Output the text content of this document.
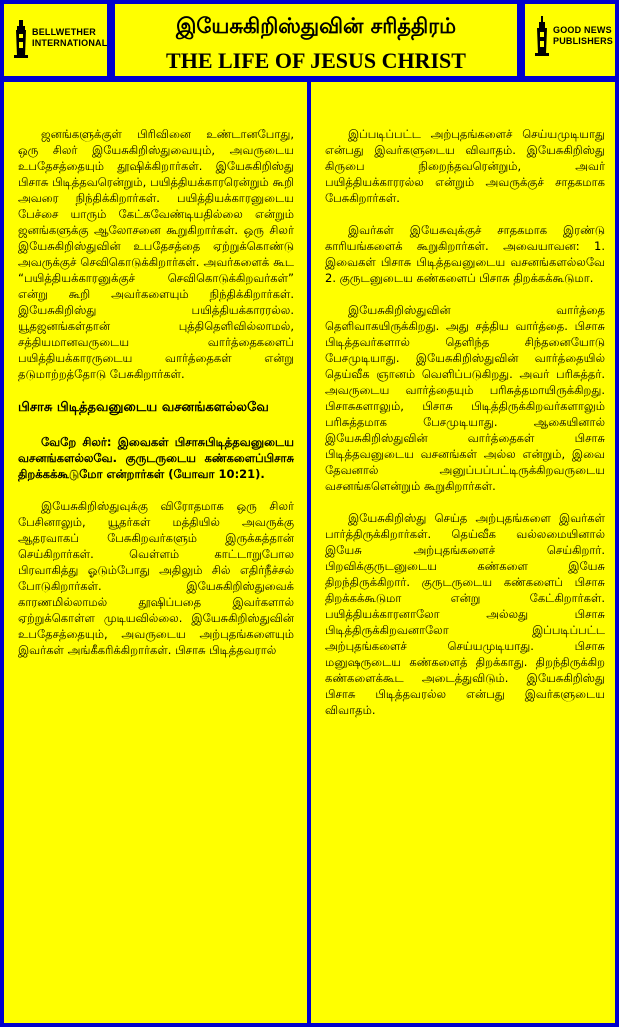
BELLWETHER
INTERNATIONAL
இயேசுகிறிஸ்துவின் சரித்திரம்
THE LIFE OF JESUS CHRIST
GOOD NEWS
PUBLISHERS

ஜனங்களுக்குள் பிரிவினை உண்டானபோது, ஒரு சிலர் இயேசுகிறிஸ்துவையும், அவருடைய உபதேசத்தையும் தூஷிக்கிறார்கள். இயேசுகிறிஸ்து பிசாசு பிடித்தவரென்றும், பயித்தியக்காரரென்றும் கூறி அவரை நிந்திக்கிறார்கள். பயித்தியக்காரனுடைய பேச்சை யாரும் கேட்கவேண்டியதில்லை என்றும் ஜனங்களுக்கு ஆலோசனை கூறுகிறார்கள். ஒரு சிலர் இயேசுகிறிஸ்துவின் உபதேசத்தை ஏற்றுக்கொண்டு அவருக்குச் செவிகொடுக்கிறார்கள். அவர்களைக் கூட “பயித்தியக்காரனுக்குச் செவிகொடுக்கிறவர்கள்” என்று கூறி அவர்களையும் நிந்திக்கிறார்கள். இயேசுகிறிஸ்து பயித்தியக்காரரல்ல. யூதஜனங்கள்தான் புத்திதெளிவில்லாமல், சத்தியமானவருடைய வார்த்தைகளைப் பயித்தியக்காரருடைய வார்த்தைகள் என்று தடுமாற்றத்தோடு பேசுகிறார்கள்.

பிசாசு பிடித்தவனுடைய வசனங்களல்லவே

வேறே சிலர்: இவைகள் பிசாசுபிடித்தவனுடைய வசனங்களல்லவே. குருடருடைய கண்களைப்பிசாசு திறக்கக்கூடுமோ என்றார்கள் (யோவா 10:21).

இயேசுகிறிஸ்துவுக்கு விரோதமாக ஒரு சிலர் பேசினாலும், யூதர்கள் மத்தியில் அவருக்கு ஆதரவாகப் பேசுகிறவர்களும் இருக்கத்தான் செய்கிறார்கள். வெள்ளம் காட்டாறுபோல பிரவாகித்து ஓடும்போது அதிலும் சில் எதிர்நீச்சல் போடுகிறார்கள். இயேசுகிறிஸ்துவைக் காரணமில்லாமல் தூஷிப்பதை இவர்களால் ஏற்றுக்கொள்ள முடியவில்லை. இயேசுகிறிஸ்துவின் உபதேசத்தையும், அவருடைய அற்புதங்களையும் இவர்கள் அங்கீகரிக்கிறார்கள். பிசாசு பிடித்தவரால்

இப்படிப்பட்ட அற்புதங்களைச் செய்யமுடியாது என்பது இவர்களுடைய விவாதம். இயேசுகிறிஸ்து கிருபை நிறைந்தவரென்றும், அவர் பயித்தியக்காரரல்ல என்றும் அவருக்குச் சாதகமாக பேசுகிறார்கள்.

இவர்கள் இயேசுவுக்குச் சாதகமாக இரண்டு காரியங்களைக் கூறுகிறார்கள். அவையாவன: 1. இவைகள் பிசாசு பிடித்தவனுடைய வசனங்களல்லவே 2. குருடனுடைய கண்களைப் பிசாசு திறக்கக்கூடுமா.

இயேசுகிறிஸ்துவின் வார்த்தை தெளிவாகயிருக்கிறது. அது சத்திய வார்த்தை. பிசாசு பிடித்தவர்களால் தெளிந்த சிந்தனையோடு பேசமுடியாது. இயேசுகிறிஸ்துவின் வார்த்தையில் தெய்வீக ஞானம் வெளிப்படுகிறது. அவர் பரிசுத்தர். அவருடைய வார்த்தையும் பரிசுத்தமாயிருக்கிறது. பிசாசுகளாலும், பிசாசு பிடித்திருக்கிறவர்களாலும் பரிசுத்தமாக பேசமுடியாது. ஆகையினால் இயேசுகிறிஸ்துவின் வார்த்தைகள் பிசாசு பிடித்தவனுடைய வசனங்கள் அல்ல என்றும், இவை தேவனால் அனுப்பப்பட்டிருக்கிறவருடைய வசனங்களென்றும் கூறுகிறார்கள்.

இயேசுகிறிஸ்து செய்த அற்புதங்களை இவர்கள் பார்த்திருக்கிறார்கள். தெய்வீக வல்லமையினால் இயேசு அற்புதங்களைச் செய்கிறார். பிறவிக்குருடனுடைய கண்களை இயேசு திறந்திருக்கிறார். குருடருடைய கண்களைப் பிசாசு திறக்கக்கூடுமா என்று கேட்கிறார்கள். பயித்தியக்காரனாலோ அல்லது பிசாசு பிடித்திருக்கிறவனாலோ இப்படிப்பட்ட அற்புதங்களைச் செய்யமுடியாது. பிசாசு மனுஷருடைய கண்களைத் திறக்காது. திறந்திருக்கிற கண்களைக்கூட அடைத்துவிடும். இயேசுகிறிஸ்து பிசாசு பிடித்தவரல்ல என்பது இவர்களுடைய விவாதம்.
